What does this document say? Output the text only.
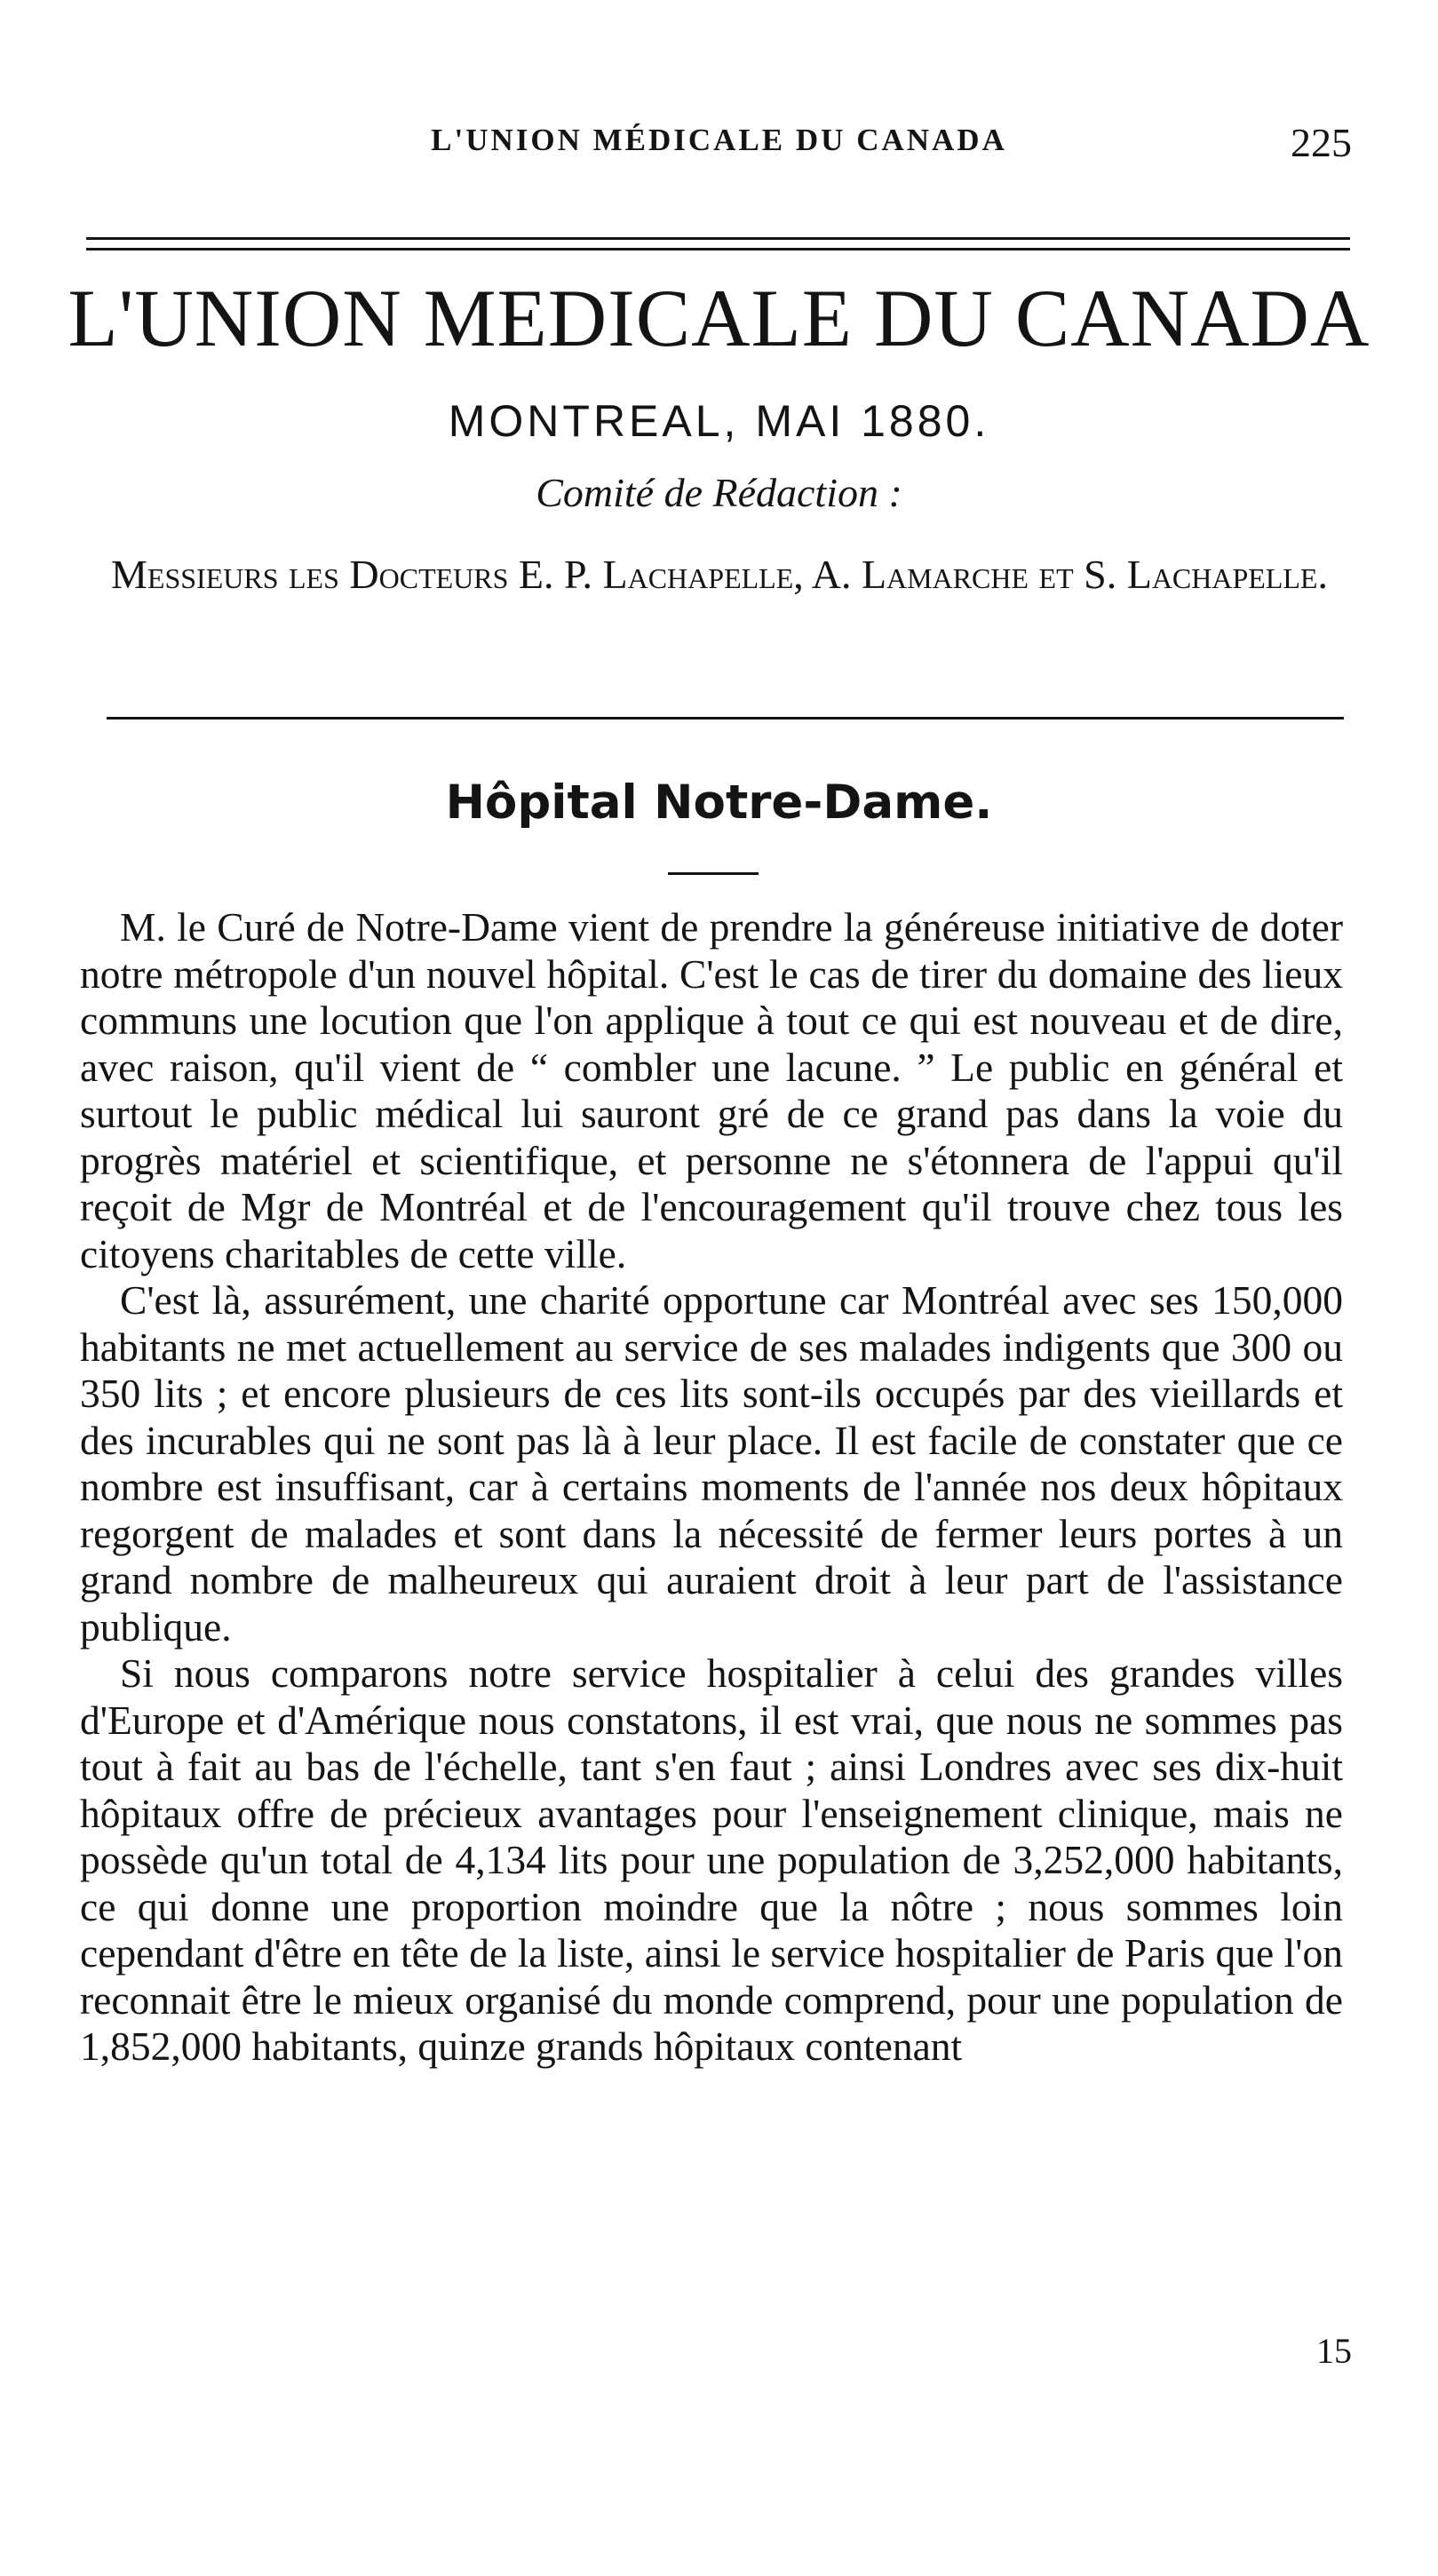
L'UNION MÉDICALE DU CANADA	225
L'UNION MEDICALE DU CANADA
MONTREAL, MAI 1880.
Comité de Rédaction :
Messieurs les Docteurs E. P. Lachapelle, A. Lamarche et S. Lachapelle.
Hôpital Notre-Dame.

M. le Curé de Notre-Dame vient de prendre la généreuse initiative de doter notre métropole d'un nouvel hôpital. C'est le cas de tirer du domaine des lieux communs une locution que l'on applique à tout ce qui est nouveau et de dire, avec raison, qu'il vient de “ combler une lacune. ” Le public en général et surtout le public médical lui sauront gré de ce grand pas dans la voie du progrès matériel et scientifique, et personne ne s'étonnera de l'appui qu'il reçoit de Mgr de Montréal et de l'encouragement qu'il trouve chez tous les citoyens charitables de cette ville.

C'est là, assurément, une charité opportune car Montréal avec ses 150,000 habitants ne met actuellement au service de ses malades indigents que 300 ou 350 lits ; et encore plusieurs de ces lits sont-ils occupés par des vieillards et des incurables qui ne sont pas là à leur place. Il est facile de constater que ce nombre est insuffisant, car à certains moments de l'année nos deux hôpitaux regorgent de malades et sont dans la nécessité de fermer leurs portes à un grand nombre de malheureux qui auraient droit à leur part de l'assistance publique.

Si nous comparons notre service hospitalier à celui des grandes villes d'Europe et d'Amérique nous constatons, il est vrai, que nous ne sommes pas tout à fait au bas de l'échelle, tant s'en faut ; ainsi Londres avec ses dix-huit hôpitaux offre de précieux avantages pour l'enseignement clinique, mais ne possède qu'un total de 4,134 lits pour une population de 3,252,000 habitants, ce qui donne une proportion moindre que la nôtre ; nous sommes loin cependant d'être en tête de la liste, ainsi le service hospitalier de Paris que l'on reconnait être le mieux organisé du monde comprend, pour une population de 1,852,000 habitants, quinze grands hôpitaux contenant

15
